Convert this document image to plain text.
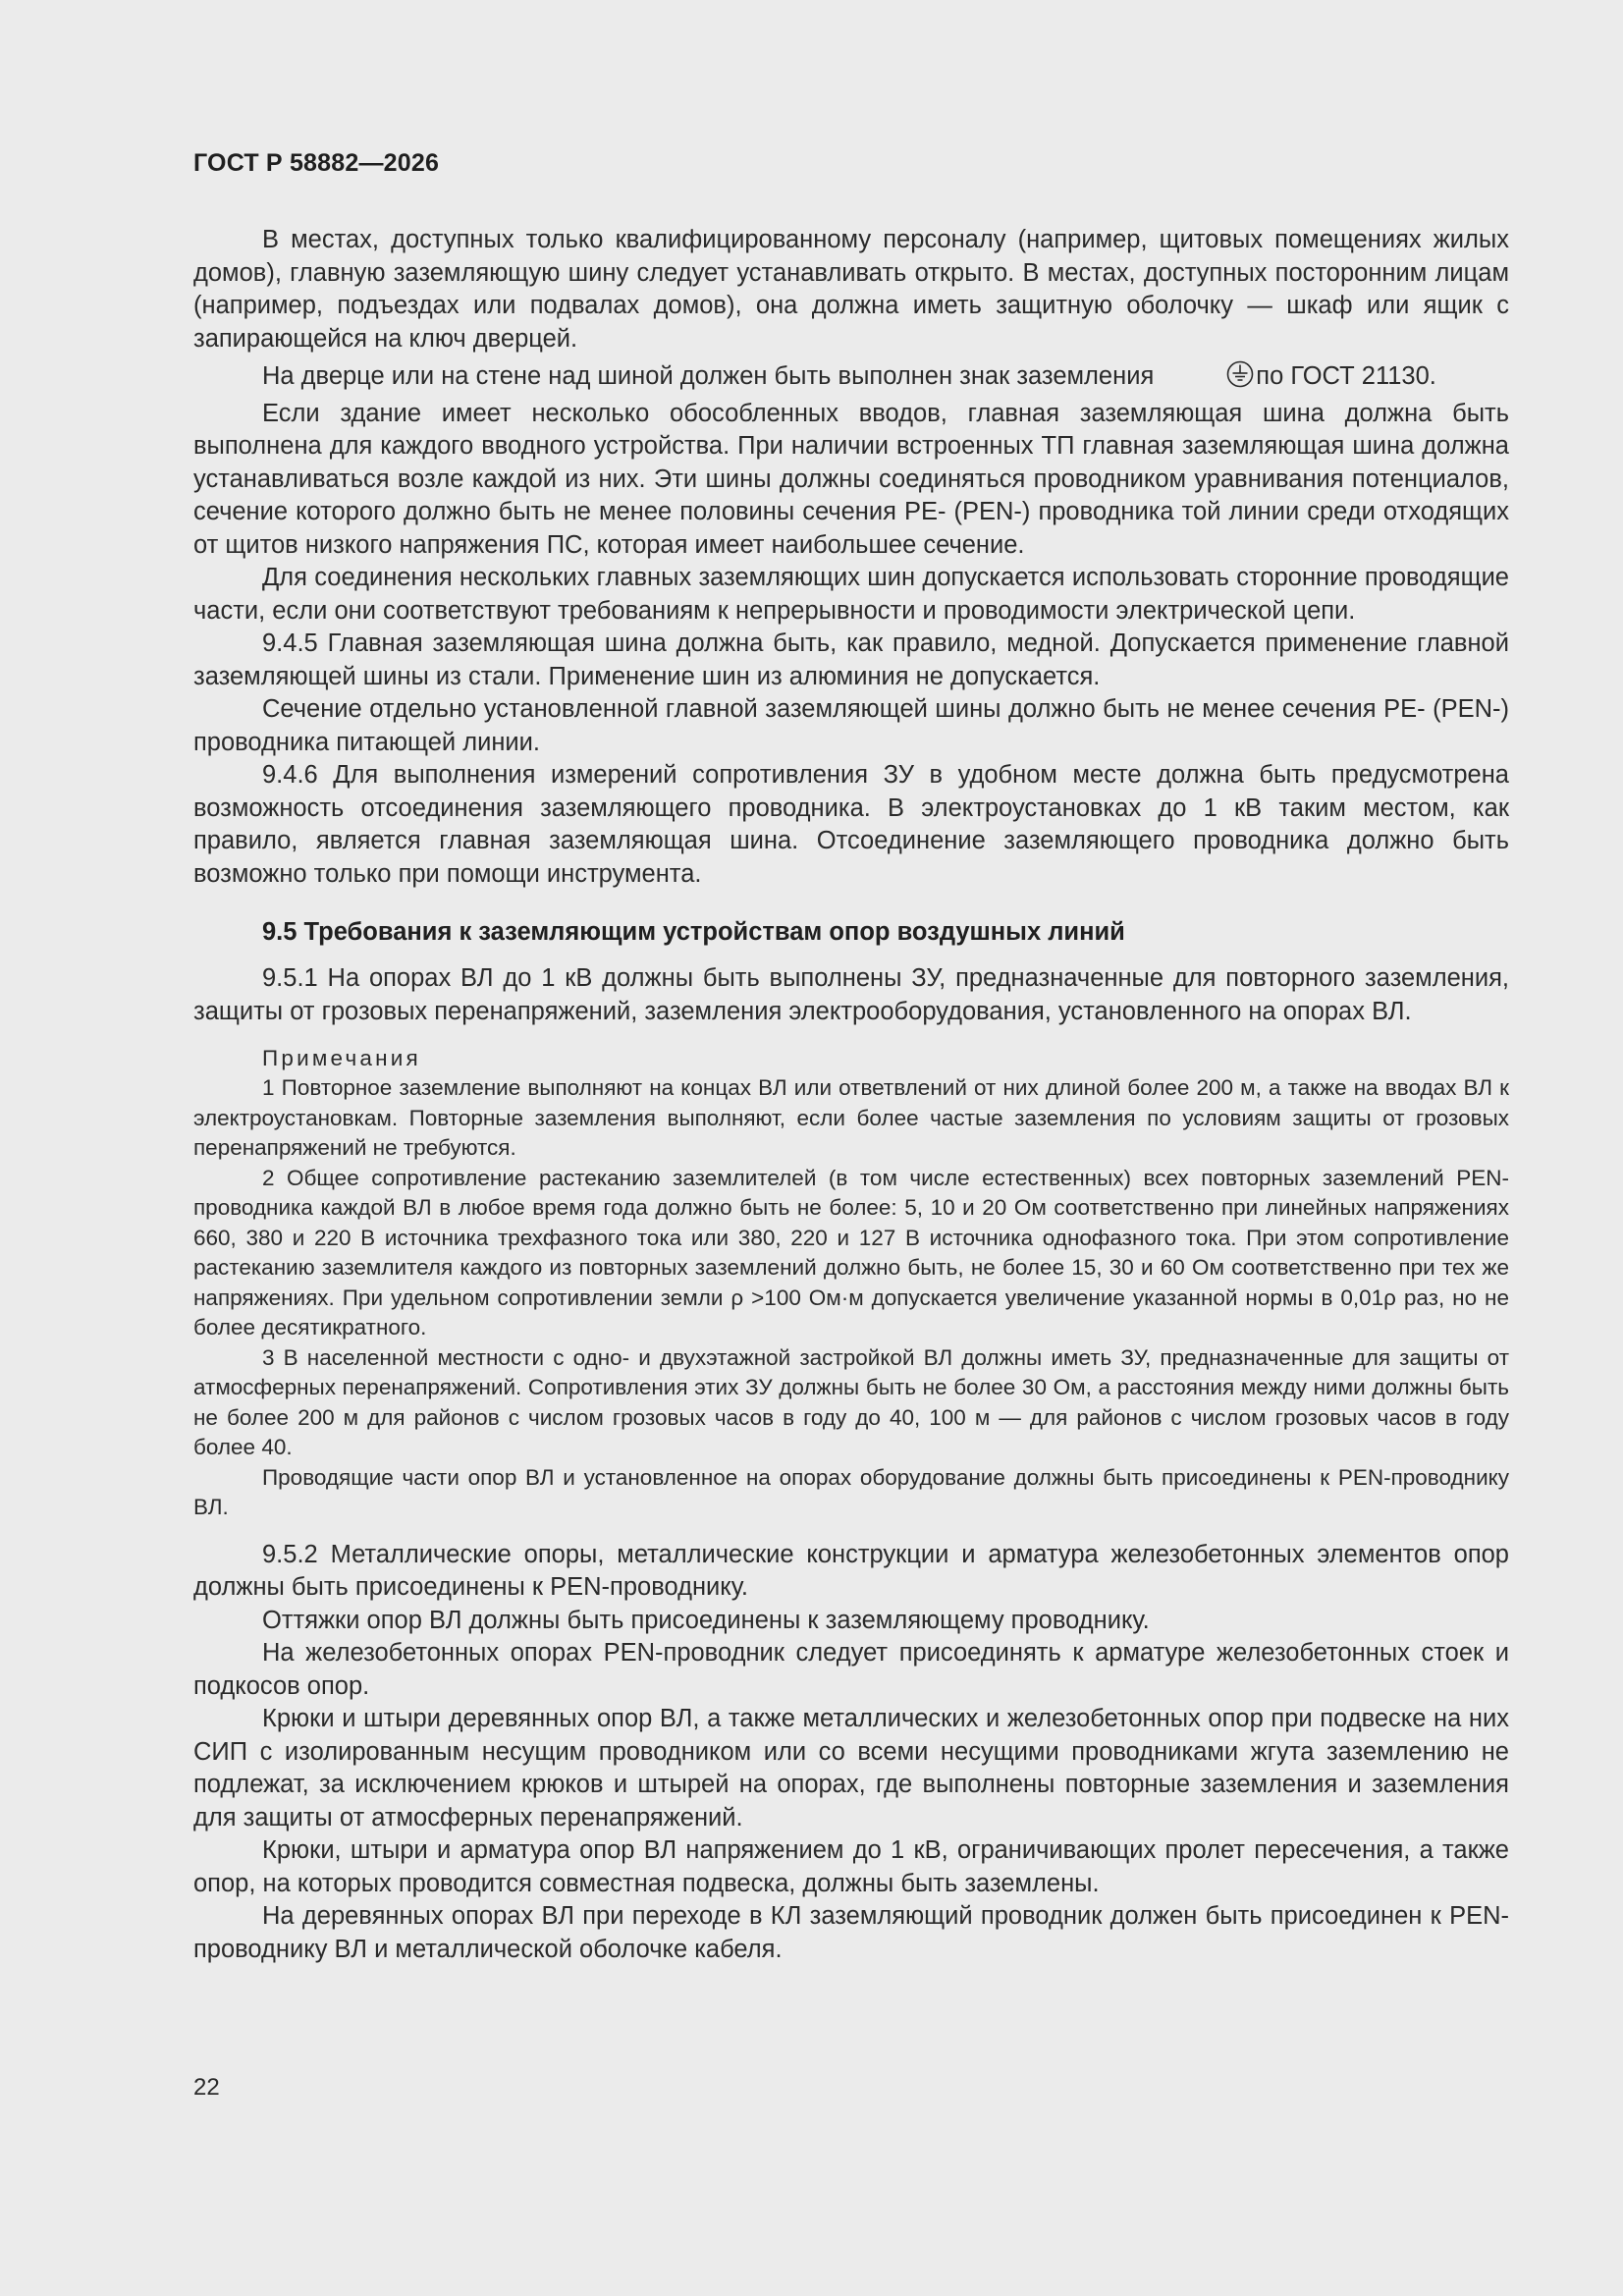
ГОСТ Р 58882—2026

В местах, доступных только квалифицированному персоналу (например, щитовых помещениях жилых домов), главную заземляющую шину следует устанавливать открыто. В местах, доступных посторонним лицам (например, подъездах или подвалах домов), она должна иметь защитную оболочку — шкаф или ящик с запирающейся на ключ дверцей.

На дверце или на стене над шиной должен быть выполнен знак заземления	по ГОСТ 21130.

Если здание имеет несколько обособленных вводов, главная заземляющая шина должна быть выполнена для каждого вводного устройства. При наличии встроенных ТП главная заземляющая шина должна устанавливаться возле каждой из них. Эти шины должны соединяться проводником уравнивания потенциалов, сечение которого должно быть не менее половины сечения PE- (PEN-) проводника той линии среди отходящих от щитов низкого напряжения ПС, которая имеет наибольшее сечение.

Для соединения нескольких главных заземляющих шин допускается использовать сторонние проводящие части, если они соответствуют требованиям к непрерывности и проводимости электрической цепи.

9.4.5 Главная заземляющая шина должна быть, как правило, медной. Допускается применение главной заземляющей шины из стали. Применение шин из алюминия не допускается.

Сечение отдельно установленной главной заземляющей шины должно быть не менее сечения PE- (PEN-) проводника питающей линии.

9.4.6 Для выполнения измерений сопротивления ЗУ в удобном месте должна быть предусмотрена возможность отсоединения заземляющего проводника. В электроустановках до 1 кВ таким местом, как правило, является главная заземляющая шина. Отсоединение заземляющего проводника должно быть возможно только при помощи инструмента.

9.5 Требования к заземляющим устройствам опор воздушных линий

9.5.1 На опорах ВЛ до 1 кВ должны быть выполнены ЗУ, предназначенные для повторного заземления, защиты от грозовых перенапряжений, заземления электрооборудования, установленного на опорах ВЛ.

Примечания

1 Повторное заземление выполняют на концах ВЛ или ответвлений от них длиной более 200 м, а также на вводах ВЛ к электроустановкам. Повторные заземления выполняют, если более частые заземления по условиям защиты от грозовых перенапряжений не требуются.

2 Общее сопротивление растеканию заземлителей (в том числе естественных) всех повторных заземлений PEN-проводника каждой ВЛ в любое время года должно быть не более: 5, 10 и 20 Ом соответственно при линейных напряжениях 660, 380 и 220 В источника трехфазного тока или 380, 220 и 127 В источника однофазного тока. При этом сопротивление растеканию заземлителя каждого из повторных заземлений должно быть, не более 15, 30 и 60 Ом соответственно при тех же напряжениях. При удельном сопротивлении земли ρ >100 Ом·м допускается увеличение указанной нормы в 0,01ρ раз, но не более десятикратного.

3 В населенной местности с одно- и двухэтажной застройкой ВЛ должны иметь ЗУ, предназначенные для защиты от атмосферных перенапряжений. Сопротивления этих ЗУ должны быть не более 30 Ом, а расстояния между ними должны быть не более 200 м для районов с числом грозовых часов в году до 40, 100 м — для районов с числом грозовых часов в году более 40.

Проводящие части опор ВЛ и установленное на опорах оборудование должны быть присоединены к PEN-проводнику ВЛ.

9.5.2 Металлические опоры, металлические конструкции и арматура железобетонных элементов опор должны быть присоединены к PEN-проводнику.

Оттяжки опор ВЛ должны быть присоединены к заземляющему проводнику.

На железобетонных опорах PEN-проводник следует присоединять к арматуре железобетонных стоек и подкосов опор.

Крюки и штыри деревянных опор ВЛ, а также металлических и железобетонных опор при подвеске на них СИП с изолированным несущим проводником или со всеми несущими проводниками жгута заземлению не подлежат, за исключением крюков и штырей на опорах, где выполнены повторные заземления и заземления для защиты от атмосферных перенапряжений.

Крюки, штыри и арматура опор ВЛ напряжением до 1 кВ, ограничивающих пролет пересечения, а также опор, на которых проводится совместная подвеска, должны быть заземлены.

На деревянных опорах ВЛ при переходе в КЛ заземляющий проводник должен быть присоединен к PEN-проводнику ВЛ и металлической оболочке кабеля.

22
